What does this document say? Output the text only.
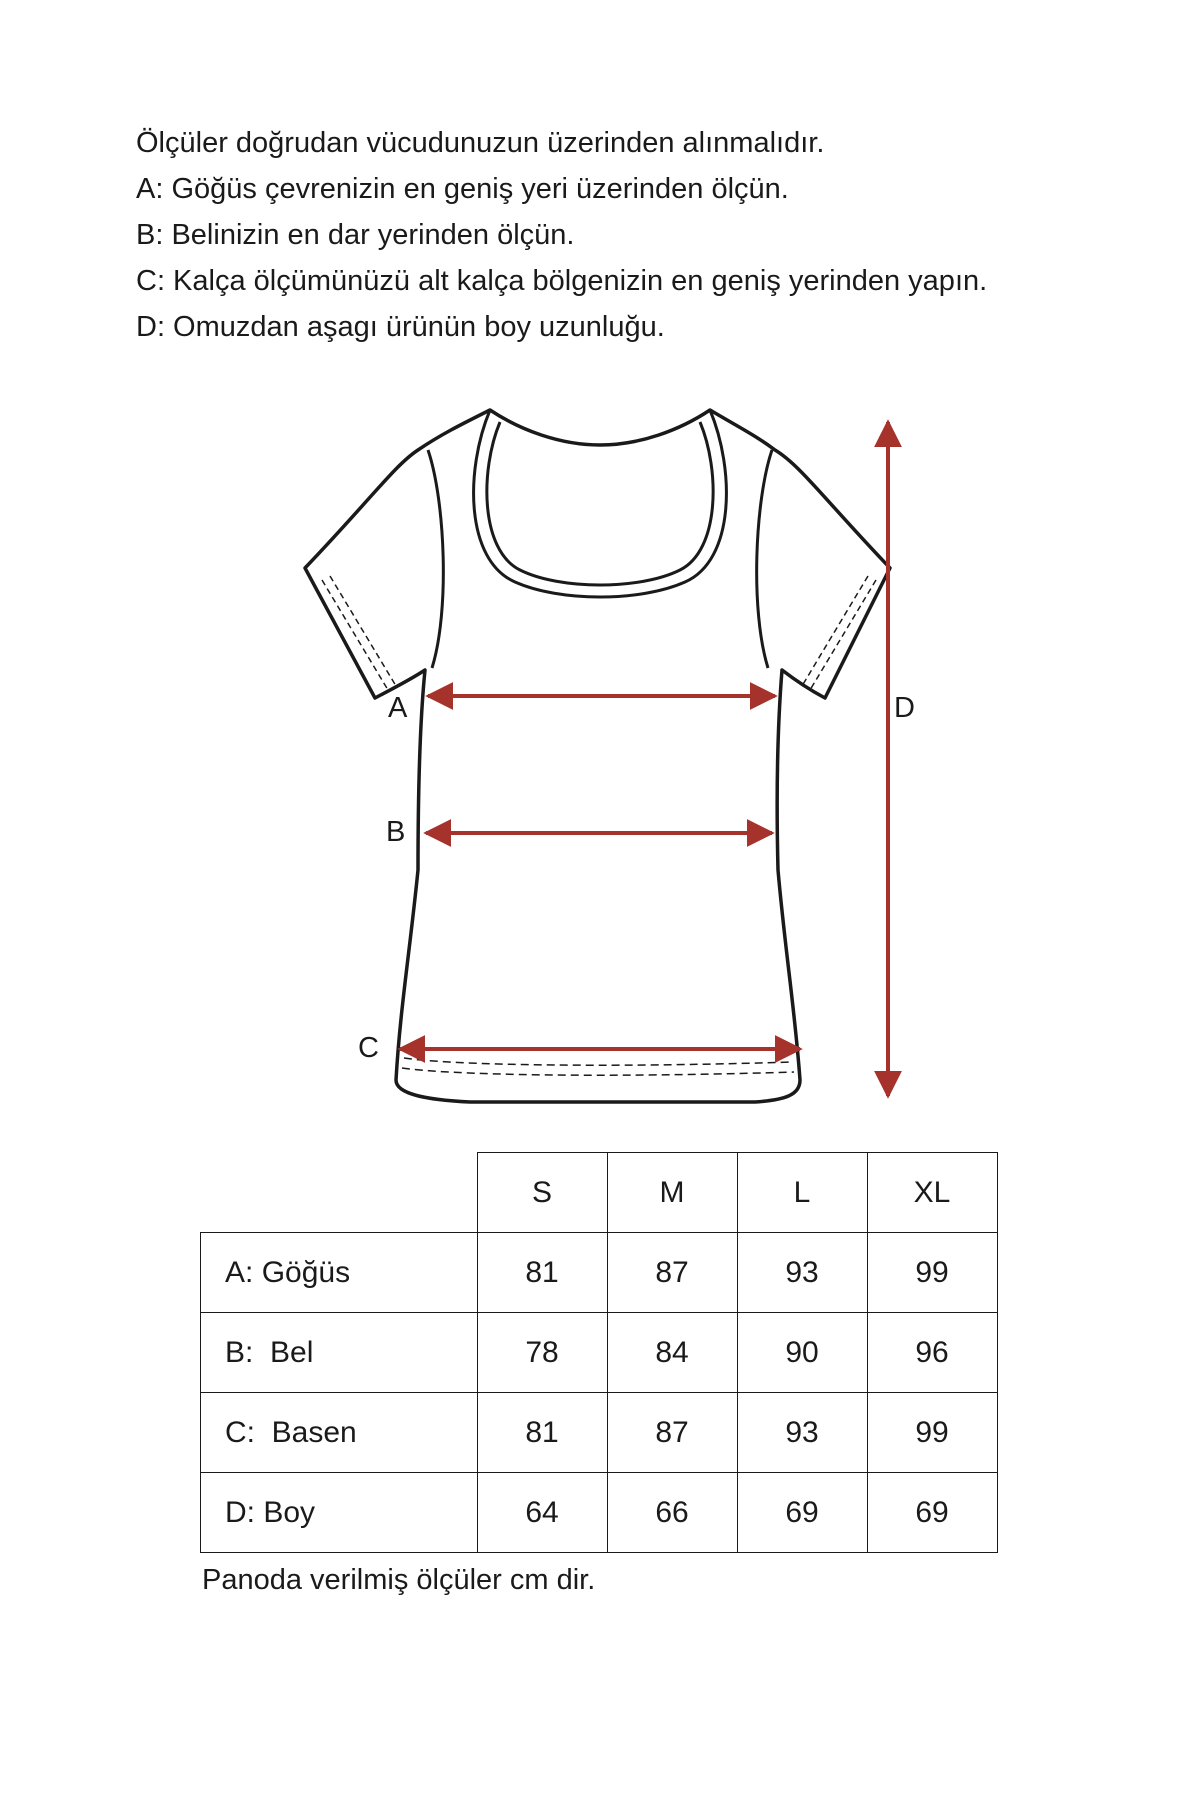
Ölçüler doğrudan vücudunuzun üzerinden alınmalıdır.
A: Göğüs çevrenizin en geniş yeri üzerinden ölçün.
B: Belinizin en dar yerinden ölçün.
C: Kalça ölçümünüzü alt kalça bölgenizin en geniş yerinden yapın.
D: Omuzdan aşagı ürünün boy uzunluğu.
A
B
C
D
	S	M	L	XL
A: Göğüs	81	87	93	99
B: Bel	78	84	90	96
C: Basen	81	87	93	99
D: Boy	64	66	69	69
Panoda verilmiş ölçüler cm dir.
